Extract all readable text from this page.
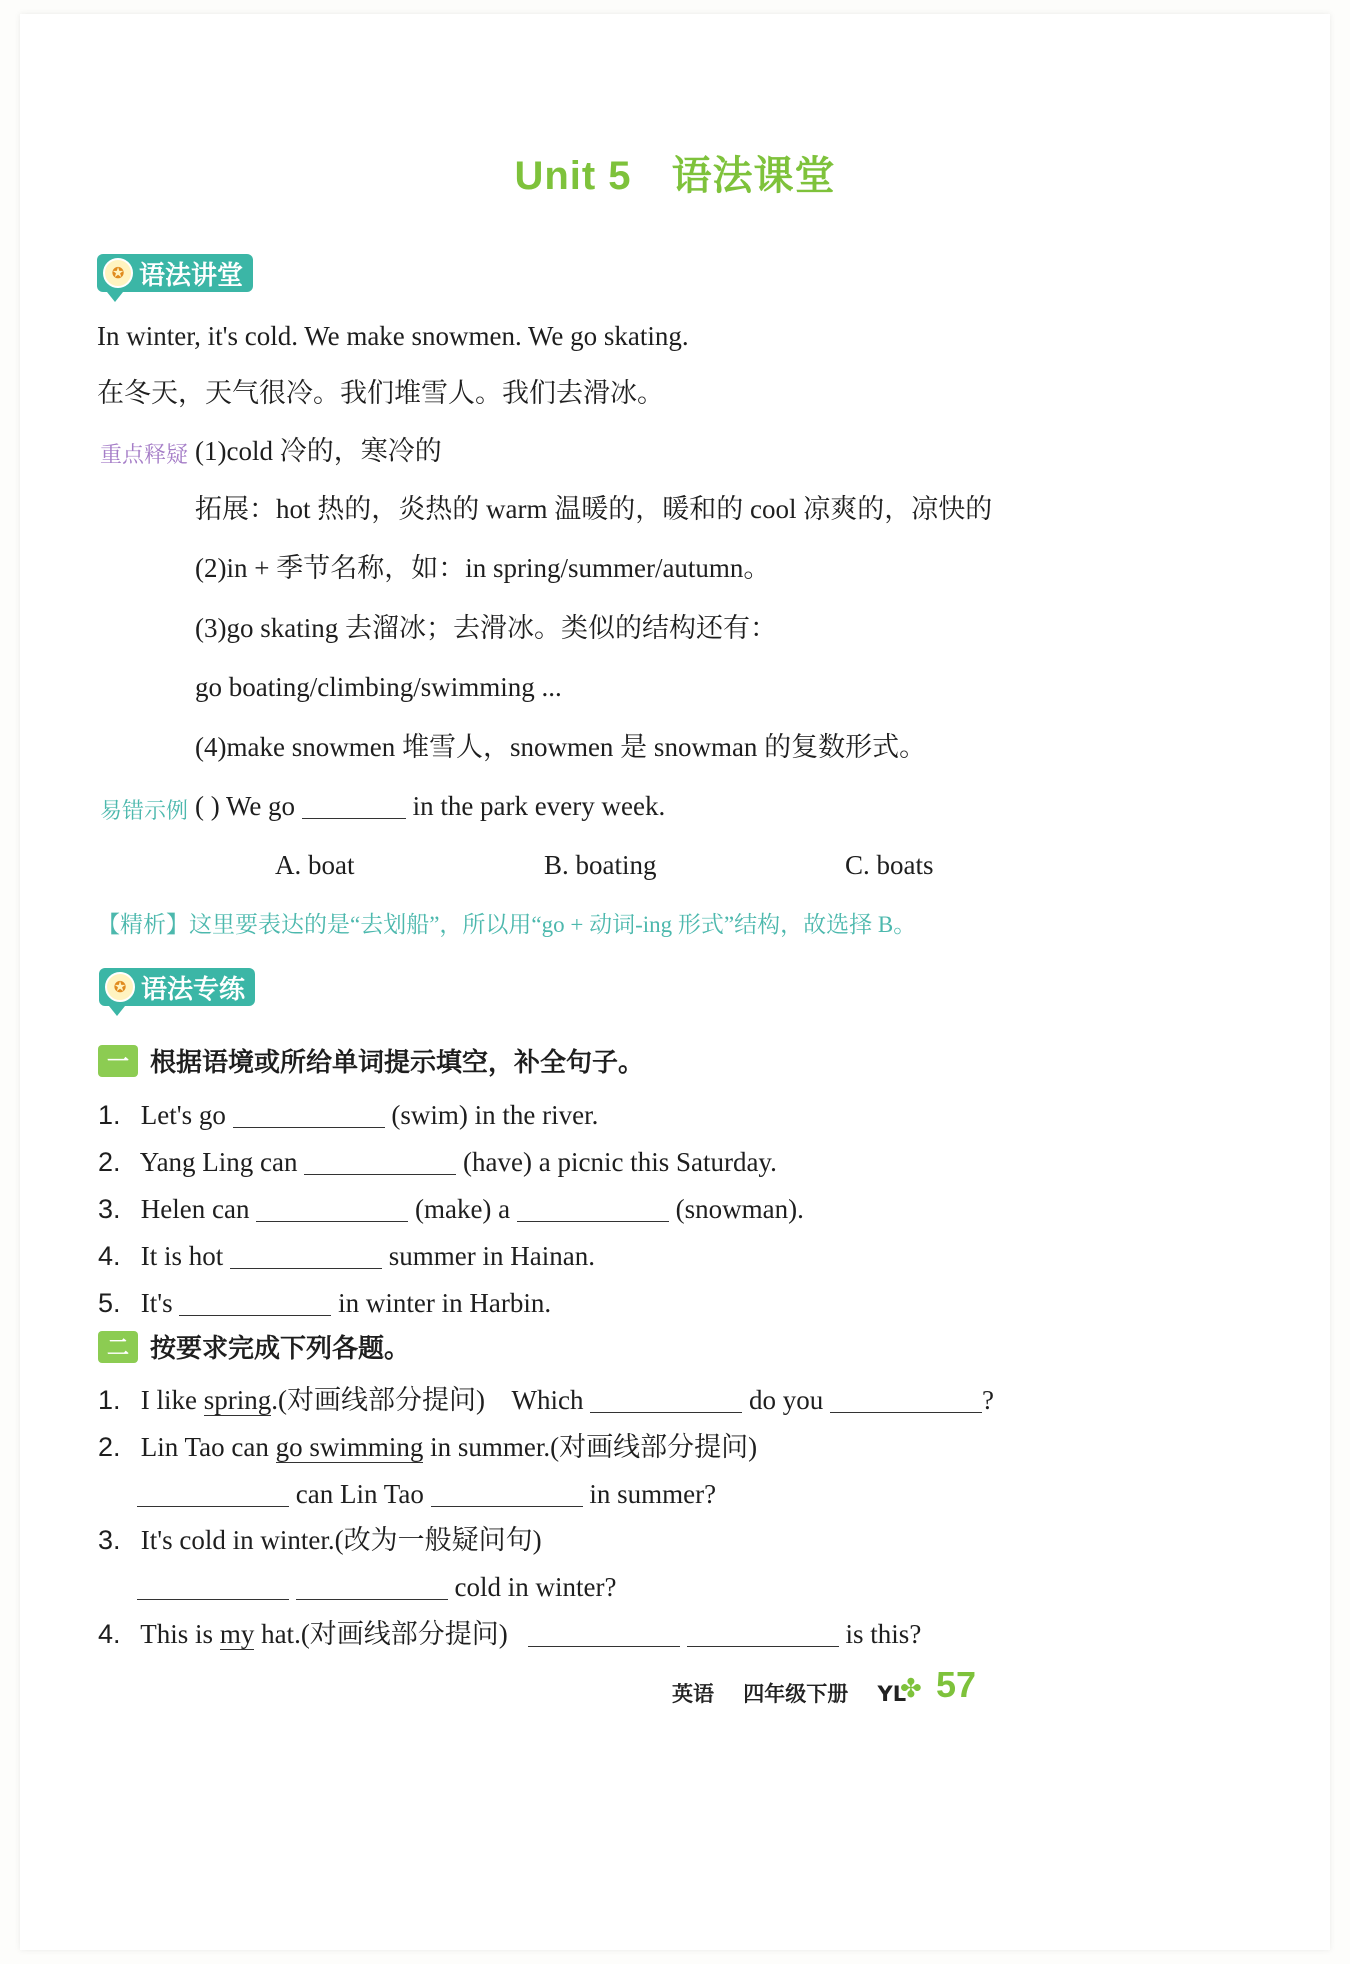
Unit 5 语法课堂
✪ 语法讲堂
In winter, it's cold. We make snowmen. We go skating.
在冬天，天气很冷。我们堆雪人。我们去滑冰。
重点释疑 (1)cold 冷的，寒冷的
拓展：hot 热的，炎热的 warm 温暖的，暖和的 cool 凉爽的，凉快的
(2)in + 季节名称，如：in spring/summer/autumn。
(3)go skating 去溜冰；去滑冰。类似的结构还有：
go boating/climbing/swimming ...
(4)make snowmen 堆雪人，snowmen 是 snowman 的复数形式。
易错示例 ( ) We go	in the park every week.
A. boat	B. boating	C. boats
【精析】这里要表达的是“去划船”，所以用“go + 动词-ing 形式”结构，故选择 B。
✪ 语法专练
一 根据语境或所给单词提示填空，补全句子。
1. Let's go	(swim) in the river.
2. Yang Ling can	(have) a picnic this Saturday.
3. Helen can	(make) a	(snowman).
4. It is hot	summer in Hainan.
5. It's	in winter in Harbin.
二 按要求完成下列各题。
1. I like spring.(对画线部分提问) Which	do you	?
2. Lin Tao can go swimming in summer.(对画线部分提问)
can Lin Tao	in summer?
3. It's cold in winter.(改为一般疑问句)
cold in winter?
4. This is my hat.(对画线部分提问)	is this?
英语 四年级下册 YL
✤ 57
